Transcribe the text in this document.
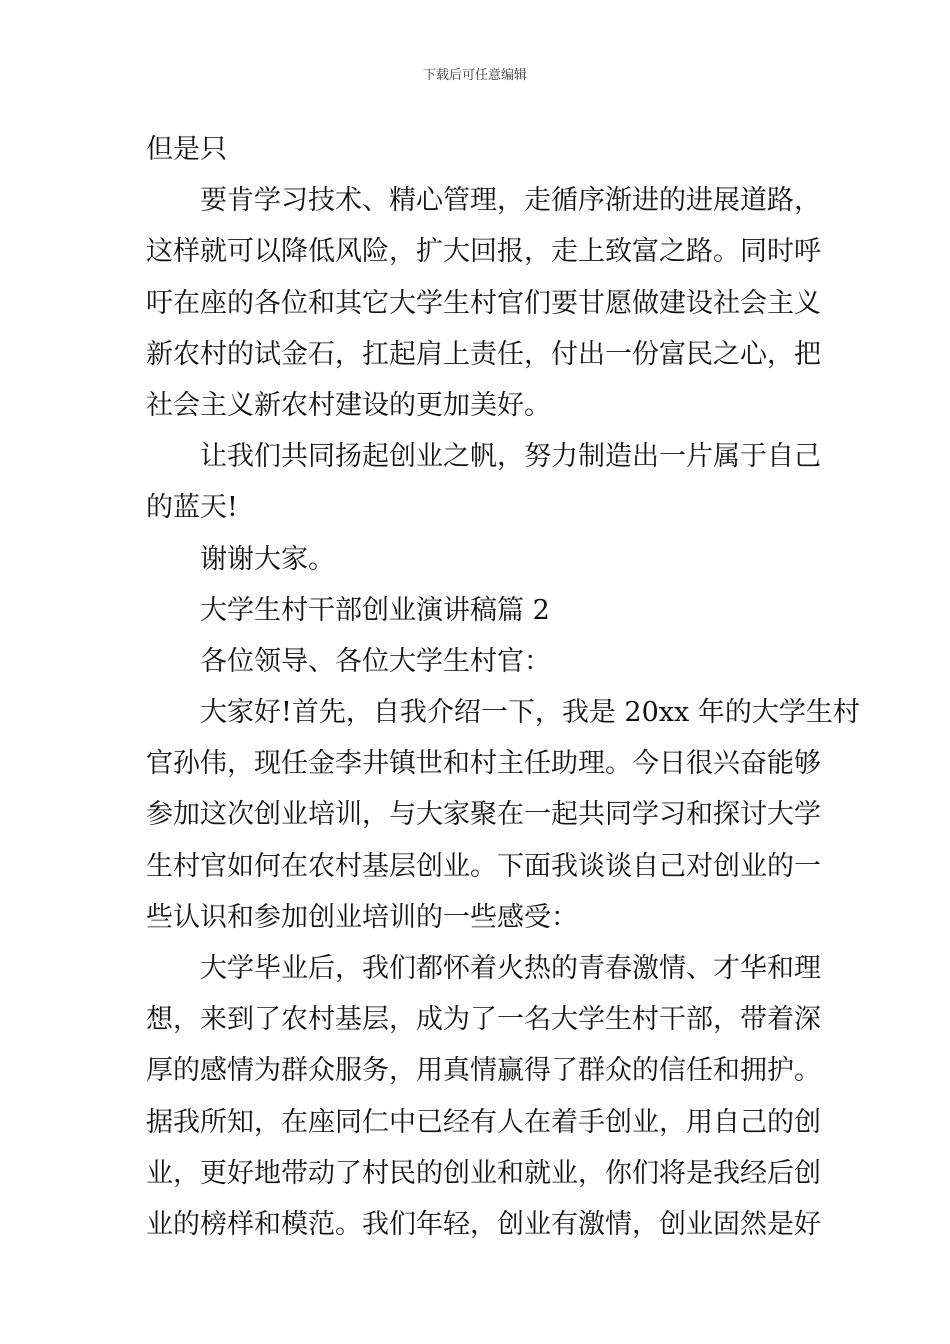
下载后可任意编辑
但是只
要肯学习技术、精心管理，走循序渐进的进展道路，
这样就可以降低风险，扩大回报，走上致富之路。同时呼
吁在座的各位和其它大学生村官们要甘愿做建设社会主义
新农村的试金石，扛起肩上责任，付出一份富民之心，把
社会主义新农村建设的更加美好。
让我们共同扬起创业之帆，努力制造出一片属于自己
的蓝天!
谢谢大家。
大学生村干部创业演讲稿篇 2
各位领导、各位大学生村官：
大家好!首先，自我介绍一下，我是 20xx 年的大学生村
官孙伟，现任金李井镇世和村主任助理。今日很兴奋能够
参加这次创业培训，与大家聚在一起共同学习和探讨大学
生村官如何在农村基层创业。下面我谈谈自己对创业的一
些认识和参加创业培训的一些感受：
大学毕业后，我们都怀着火热的青春激情、才华和理
想，来到了农村基层，成为了一名大学生村干部，带着深
厚的感情为群众服务，用真情赢得了群众的信任和拥护。
据我所知，在座同仁中已经有人在着手创业，用自己的创
业，更好地带动了村民的创业和就业，你们将是我经后创
业的榜样和模范。我们年轻，创业有激情，创业固然是好
